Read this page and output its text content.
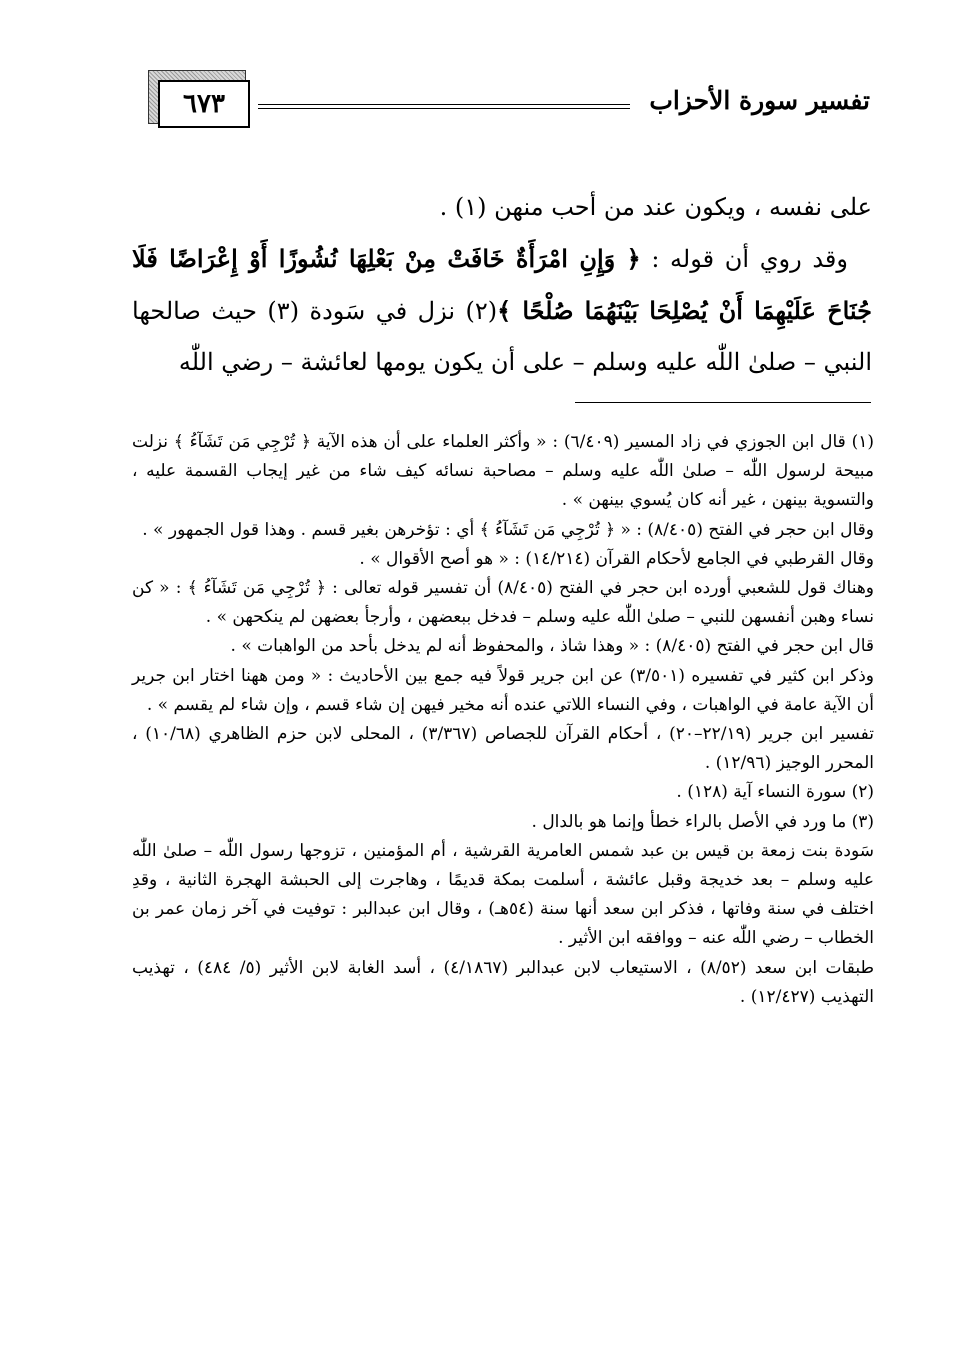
٦٧٣	تفسير سورة الأحزاب

على نفسه ، ويكون عند من أحب منهن (١) .

وقد روي أن قوله : ﴿ وَإِنِ امْرَأَةٌ خَافَتْ مِنْ بَعْلِهَا نُشُوزًا أَوْ إِعْرَاضًا فَلَا جُنَاحَ عَلَيْهِمَا أَنْ يُصْلِحَا بَيْنَهُمَا صُلْحًا ﴾(٢) نزل في سَودة (٣) حيث صالحها النبي – صلىٰ اللّٰه عليه وسلم – على أن يكون يومها لعائشة – رضي اللّٰه

(١) قال ابن الجوزي في زاد المسير (٦/٤٠٩) : « وأكثر العلماء على أن هذه الآية ﴿ تُرْجِي مَن تَشَآءُ ﴾ نزلت مبيحة لرسول اللّٰه – صلىٰ اللّٰه عليه وسلم – مصاحبة نسائه كيف شاء من غير إيجاب القسمة عليه ، والتسوية بينهن ، غير أنه كان يُسوي بينهن » .

وقال ابن حجر في الفتح (٨/٤٠٥) : « ﴿ تُرْجِي مَن تَشَآءُ ﴾ أي : تؤخرهن بغير قسم . وهذا قول الجمهور » .

وقال القرطبي في الجامع لأحكام القرآن (١٤/٢١٤) : « هو أصح الأقوال » .

وهناك قول للشعبي أورده ابن حجر في الفتح (٨/٤٠٥) أن تفسير قوله تعالى : ﴿ تُرْجِي مَن تَشَآءُ ﴾ : « كن نساء وهبن أنفسهن للنبي – صلىٰ اللّٰه عليه وسلم – فدخل ببعضهن ، وأرجأ بعضهن لم ينكحهن » .

قال ابن حجر في الفتح (٨/٤٠٥) : « وهذا شاذ ، والمحفوظ أنه لم يدخل بأحد من الواهبات » .

وذكر ابن كثير في تفسيره (٣/٥٠١) عن ابن جرير قولاً فيه جمع بين الأحاديث : « ومن ههنا اختار ابن جرير أن الآية عامة في الواهبات ، وفي النساء اللاتي عنده أنه مخير فيهن إن شاء قسم ، وإن شاء لم يقسم » .

تفسير ابن جرير (٢٢/١٩–٢٠) ، أحكام القرآن للجصاص (٣/٣٦٧) ، المحلى لابن حزم الظاهري (١٠/٦٨) ، المحرر الوجيز (١٢/٩٦) .

(٢) سورة النساء آية (١٢٨) .

(٣) ما ورد في الأصل بالراء خطأ وإنما هو بالدال .

سَودة بنت زمعة بن قيس بن عبد شمس العامرية القرشية ، أم المؤمنين ، تزوجها رسول اللّٰه – صلىٰ اللّٰه عليه وسلم – بعد خديجة وقبل عائشة ، أسلمت بمكة قديمًا ، وهاجرت إلى الحبشة الهجرة الثانية ، وقدِ اختلف في سنة وفاتها ، فذكر ابن سعد أنها سنة (٥٤هـ) ، وقال ابن عبدالبر : توفيت في آخر زمان عمر بن الخطاب – رضي اللّٰه عنه – ووافقه ابن الأثير .

طبقات ابن سعد (٨/٥٢) ، الاستيعاب لابن عبدالبر (٤/١٨٦٧) ، أسد الغابة لابن الأثير (٥/ ٤٨٤) ، تهذيب التهذيب (١٢/٤٢٧) .
